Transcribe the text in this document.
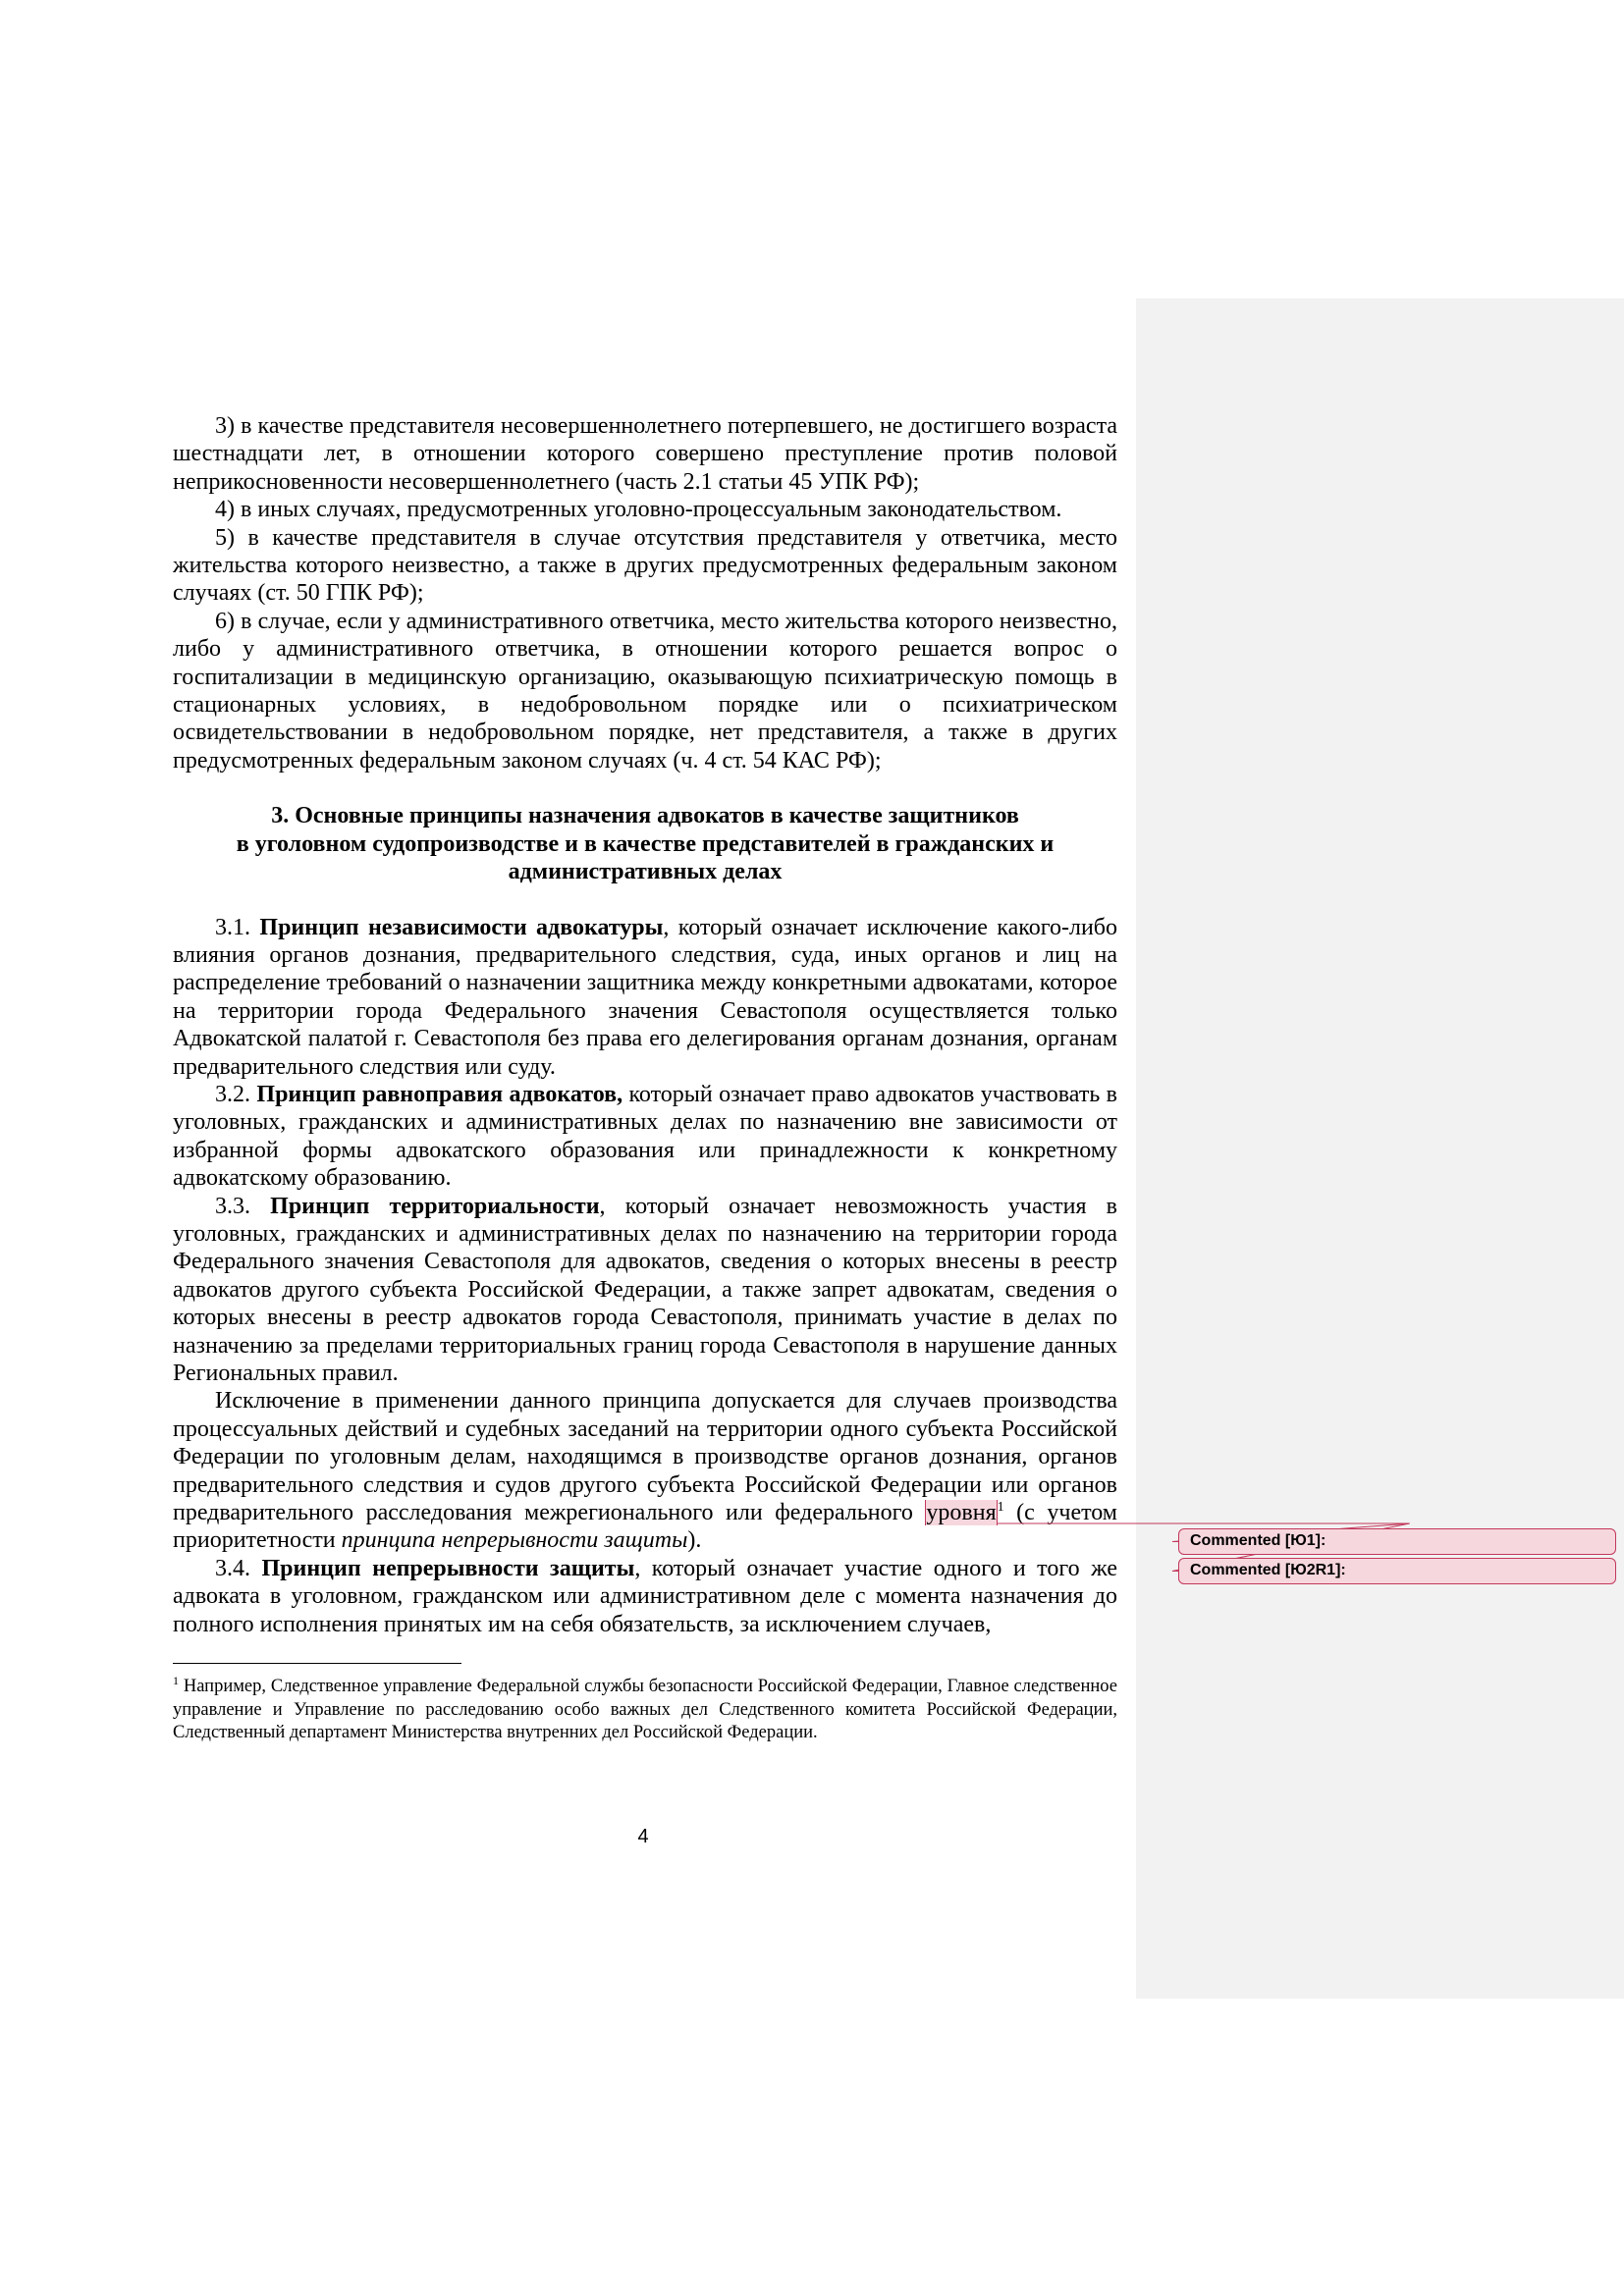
3) в качестве представителя несовершеннолетнего потерпевшего, не достигшего возраста шестнадцати лет, в отношении которого совершено преступление против половой неприкосновенности несовершеннолетнего (часть 2.1 статьи 45 УПК РФ);

4) в иных случаях, предусмотренных уголовно-процессуальным законодательством.

5) в качестве представителя в случае отсутствия представителя у ответчика, место жительства которого неизвестно, а также в других предусмотренных федеральным законом случаях (ст. 50 ГПК РФ);

6) в случае, если у административного ответчика, место жительства которого неизвестно, либо у административного ответчика, в отношении которого решается вопрос о госпитализации в медицинскую организацию, оказывающую психиатрическую помощь в стационарных условиях, в недобровольном порядке или о психиатрическом освидетельствовании в недобровольном порядке, нет представителя, а также в других предусмотренных федеральным законом случаях (ч. 4 ст. 54 КАС РФ);

3. Основные принципы назначения адвокатов в качестве защитников
в уголовном судопроизводстве и в качестве представителей в гражданских и
административных делах

3.1. Принцип независимости адвокатуры, который означает исключение какого-либо влияния органов дознания, предварительного следствия, суда, иных органов и лиц на распределение требований о назначении защитника между конкретными адвокатами, которое на территории города Федерального значения Севастополя осуществляется только Адвокатской палатой г. Севастополя без права его делегирования органам дознания, органам предварительного следствия или суду.

3.2. Принцип равноправия адвокатов, который означает право адвокатов участвовать в уголовных, гражданских и административных делах по назначению вне зависимости от избранной формы адвокатского образования или принадлежности к конкретному адвокатскому образованию.

3.3. Принцип территориальности, который означает невозможность участия в уголовных, гражданских и административных делах по назначению на территории города Федерального значения Севастополя для адвокатов, сведения о которых внесены в реестр адвокатов другого субъекта Российской Федерации, а также запрет адвокатам, сведения о которых внесены в реестр адвокатов города Севастополя, принимать участие в делах по назначению за пределами территориальных границ города Севастополя в нарушение данных Региональных правил.

Исключение в применении данного принципа допускается для случаев производства процессуальных действий и судебных заседаний на территории одного субъекта Российской Федерации по уголовным делам, находящимся в производстве органов дознания, органов предварительного следствия и судов другого субъекта Российской Федерации или органов предварительного расследования межрегионального или федерального уровня$^1$ (с учетом приоритетности принципа непрерывности защиты).

3.4. Принцип непрерывности защиты, который означает участие одного и того же адвоката в уголовном, гражданском или административном деле с момента назначения до полного исполнения принятых им на себя обязательств, за исключением случаев,

$^1$ Например, Следственное управление Федеральной службы безопасности Российской Федерации, Главное следственное управление и Управление по расследованию особо важных дел Следственного комитета Российской Федерации, Следственный департамент Министерства внутренних дел Российской Федерации.
4
Commented [Ю1]:
Commented [Ю2R1]:
